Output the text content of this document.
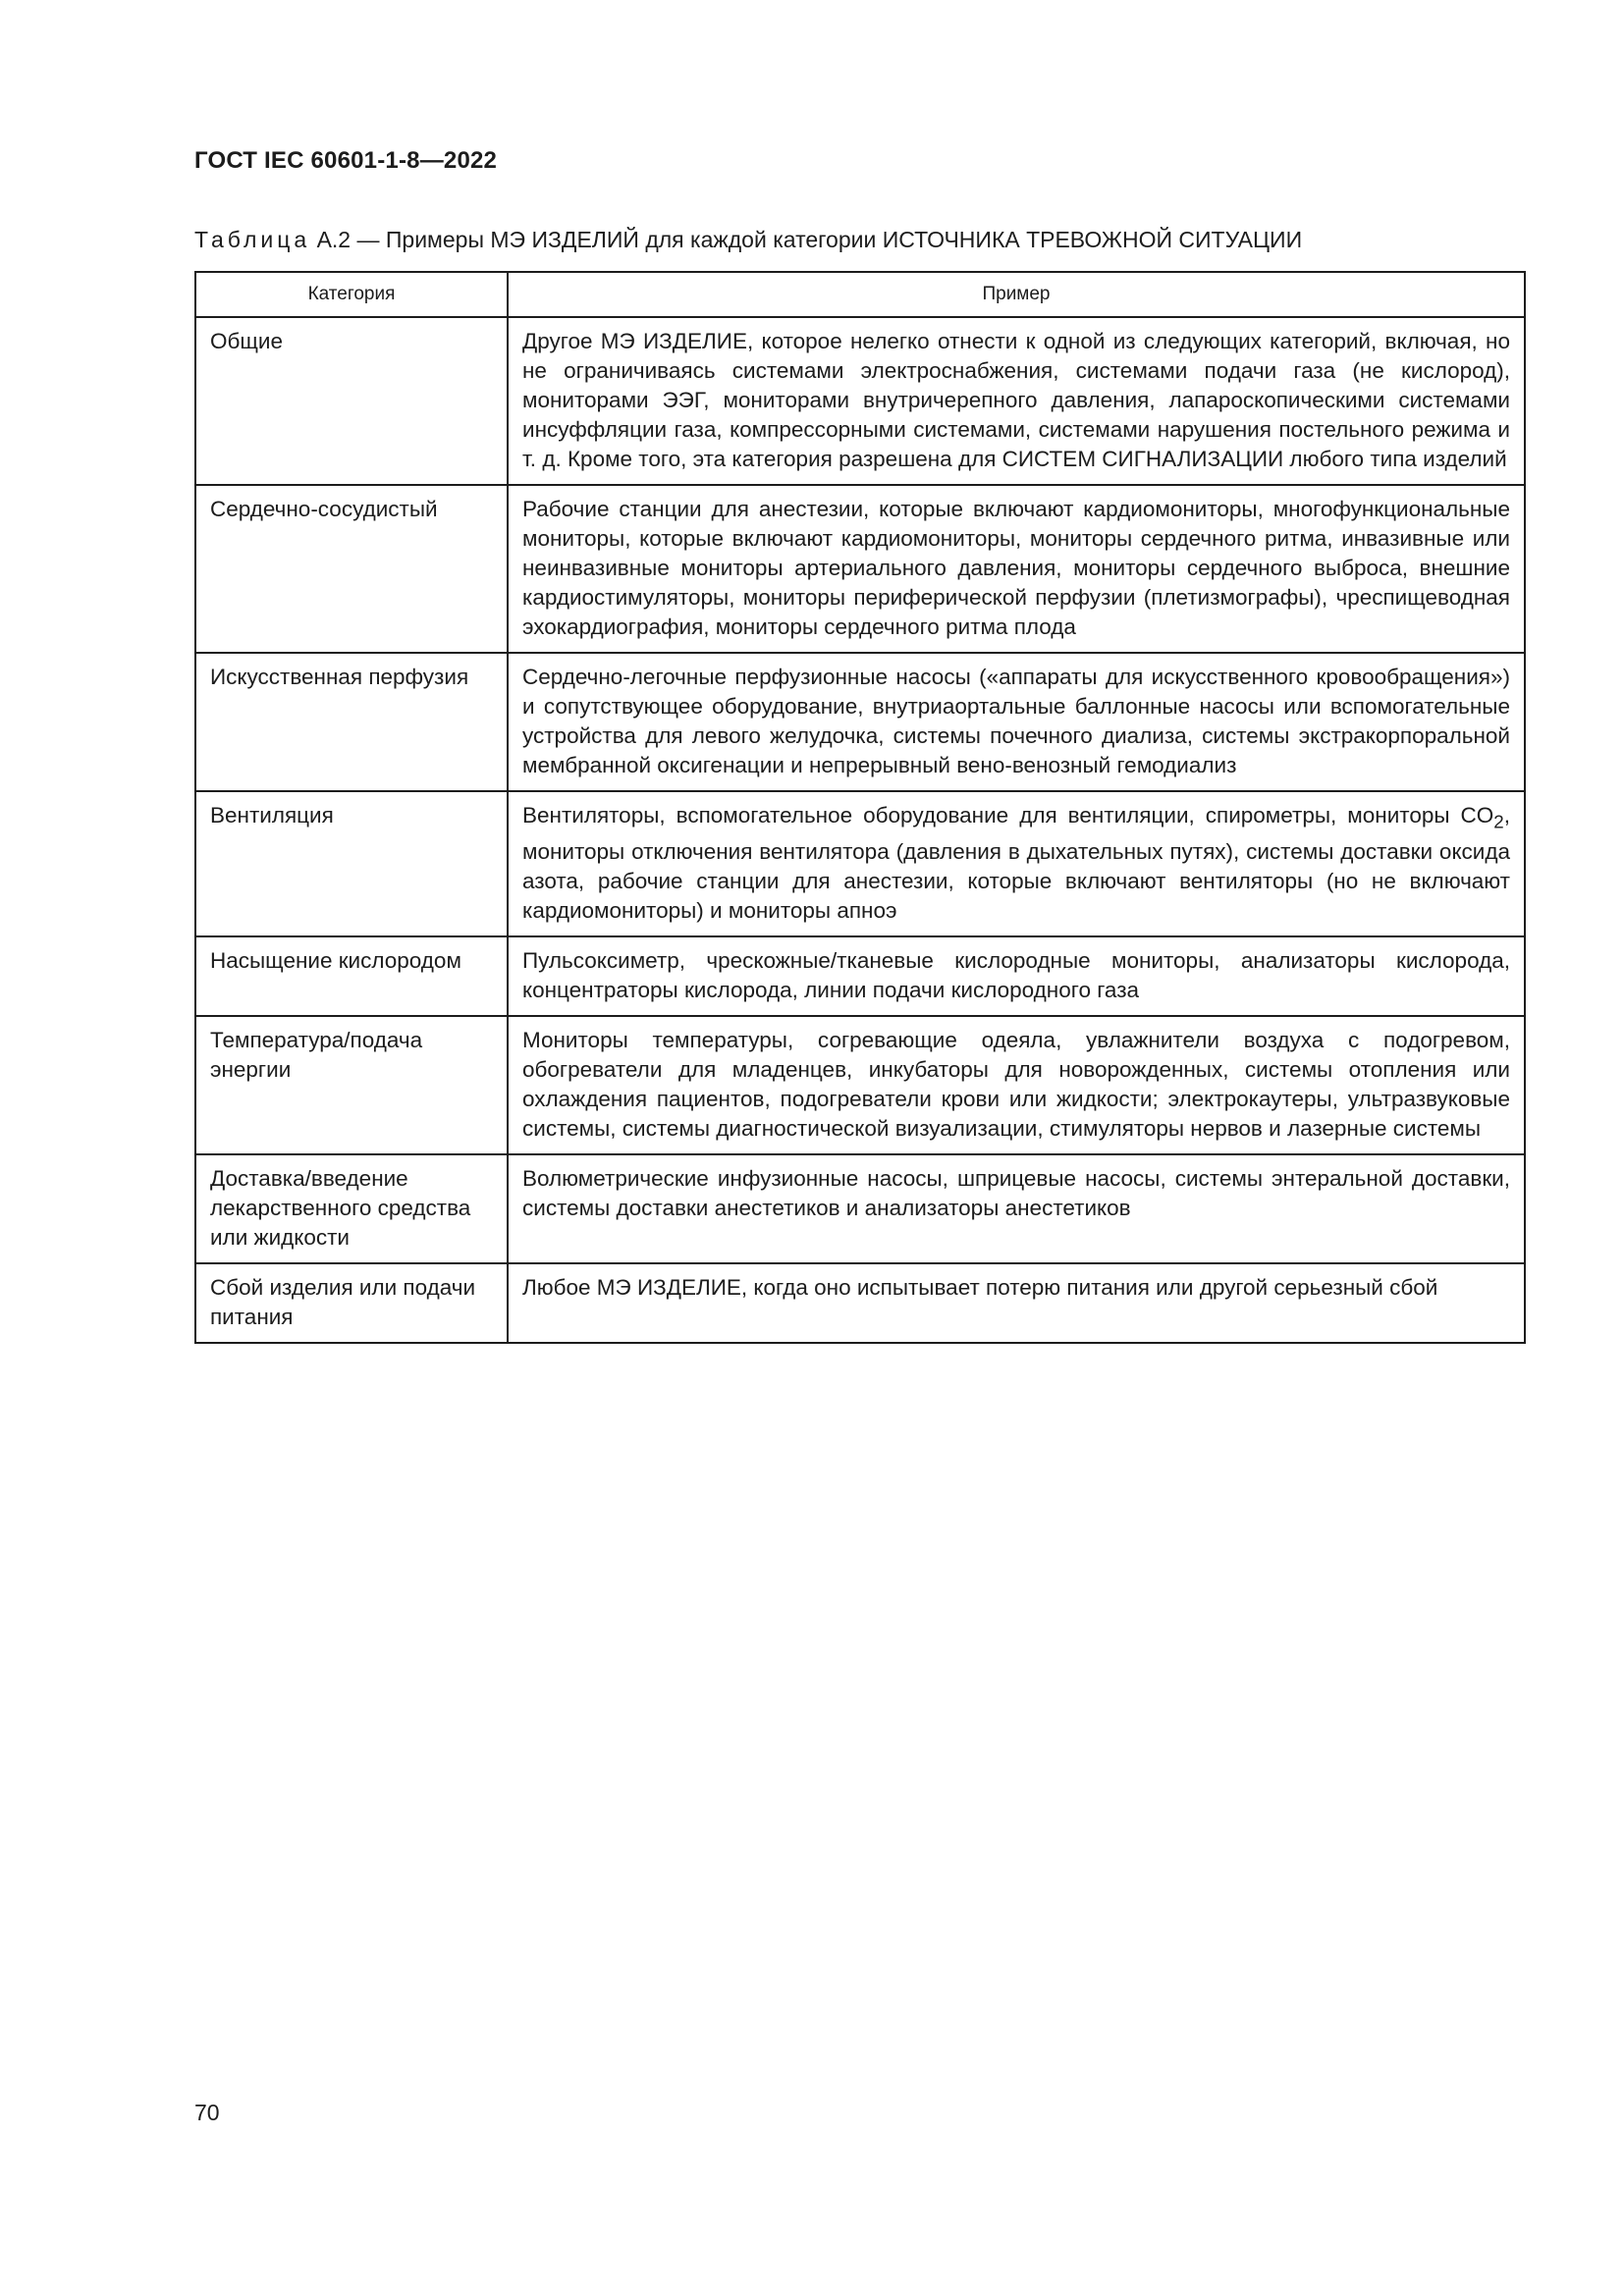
ГОСТ IEC 60601-1-8—2022
Таблица А.2 — Примеры МЭ ИЗДЕЛИЙ для каждой категории ИСТОЧНИКА ТРЕВОЖНОЙ СИТУАЦИИ
Категория	Пример
Общие	Другое МЭ ИЗДЕЛИЕ, которое нелегко отнести к одной из следующих категорий, включая, но не ограничиваясь системами электроснабжения, системами подачи газа (не кислород), мониторами ЭЭГ, мониторами внутричерепного давления, лапароскопическими системами инсуффляции газа, компрессорными системами, системами нарушения постельного режима и т. д. Кроме того, эта категория разрешена для СИСТЕМ СИГНАЛИЗАЦИИ любого типа изделий
Сердечно-сосудистый	Рабочие станции для анестезии, которые включают кардиомониторы, многофункциональные мониторы, которые включают кардиомониторы, мониторы сердечного ритма, инвазивные или неинвазивные мониторы артериального давления, мониторы сердечного выброса, внешние кардиостимуляторы, мониторы периферической перфузии (плетизмографы), чреспищеводная эхокардиография, мониторы сердечного ритма плода
Искусственная перфузия	Сердечно-легочные перфузионные насосы («аппараты для искусственного кровообращения») и сопутствующее оборудование, внутриаортальные баллонные насосы или вспомогательные устройства для левого желудочка, системы почечного диализа, системы экстракорпоральной мембранной оксигенации и непрерывный вено-венозный гемодиализ
Вентиляция	Вентиляторы, вспомогательное оборудование для вентиляции, спирометры, мониторы $CO_2$, мониторы отключения вентилятора (давления в дыхательных путях), системы доставки оксида азота, рабочие станции для анестезии, которые включают вентиляторы (но не включают кардиомониторы) и мониторы апноэ
Насыщение кислородом	Пульсоксиметр, чрескожные/тканевые кислородные мониторы, анализаторы кислорода, концентраторы кислорода, линии подачи кислородного газа
Температура/подача энергии	Мониторы температуры, согревающие одеяла, увлажнители воздуха с подогревом, обогреватели для младенцев, инкубаторы для новорожденных, системы отопления или охлаждения пациентов, подогреватели крови или жидкости; электрокаутеры, ультразвуковые системы, системы диагностической визуализации, стимуляторы нервов и лазерные системы
Доставка/введение лекарственного средства или жидкости	Волюметрические инфузионные насосы, шприцевые насосы, системы энтеральной доставки, системы доставки анестетиков и анализаторы анестетиков
Сбой изделия или подачи питания	Любое МЭ ИЗДЕЛИЕ, когда оно испытывает потерю питания или другой серьезный сбой
70
